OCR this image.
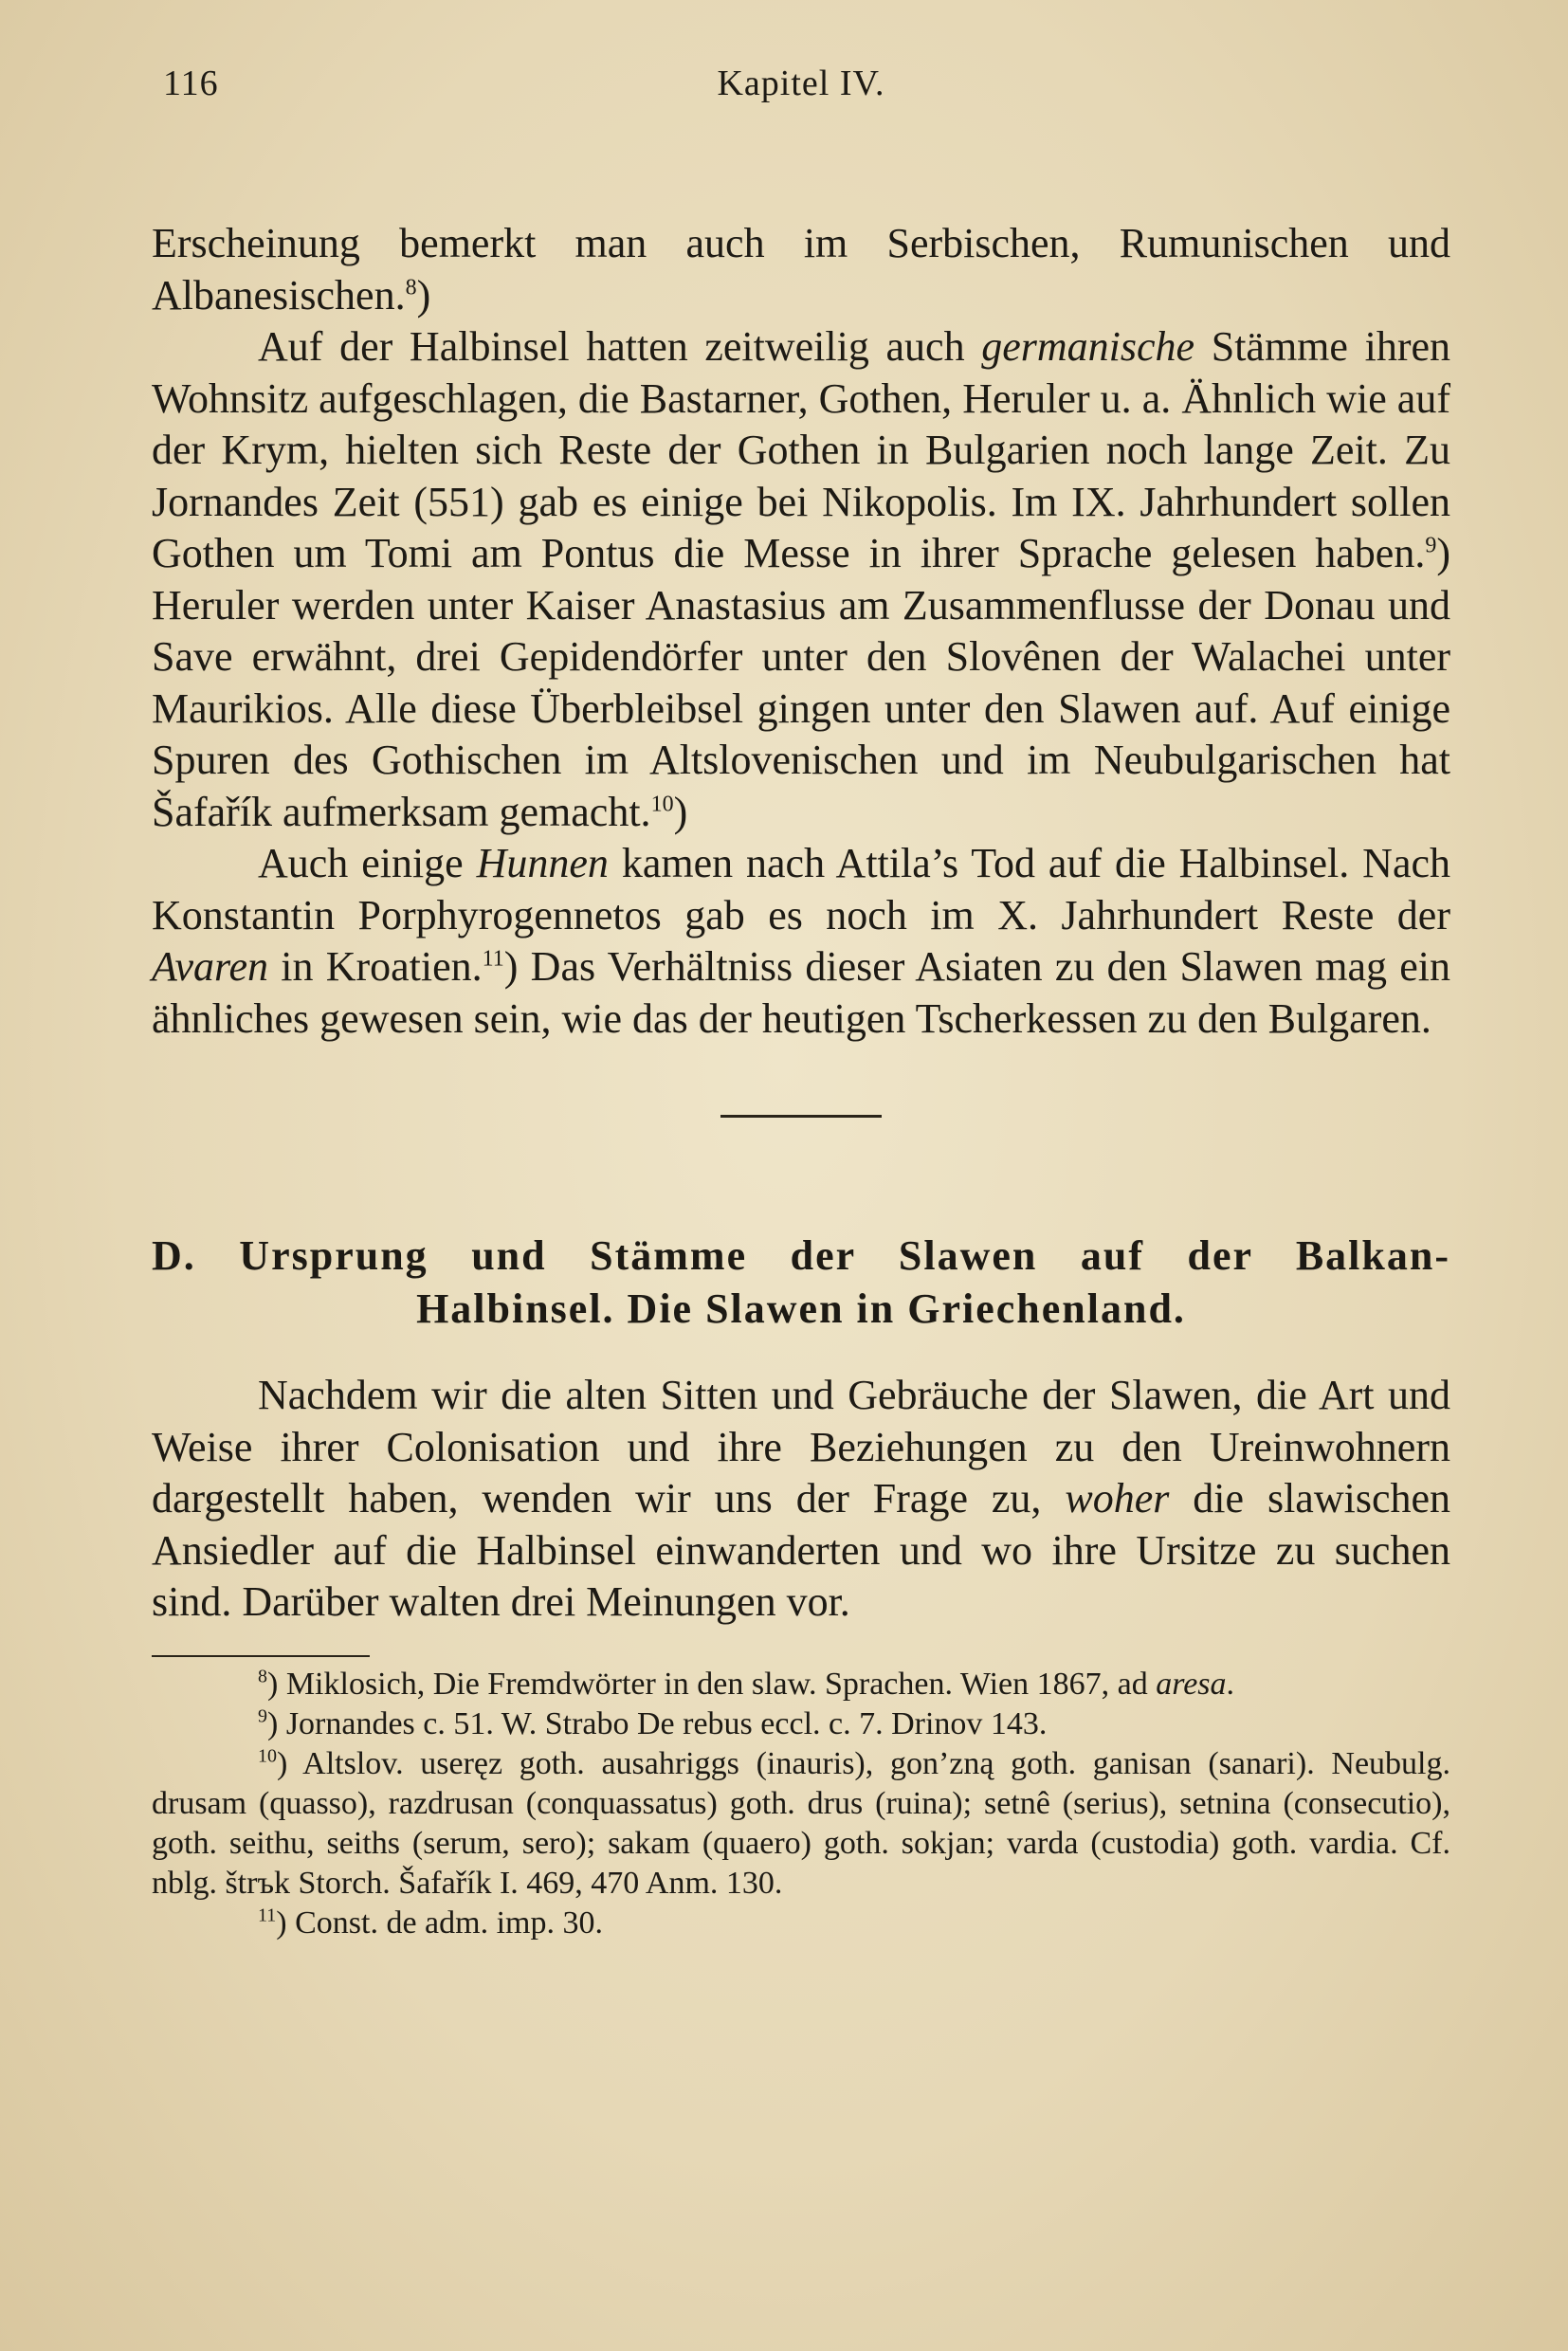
116	Kapitel IV.

Erscheinung bemerkt man auch im Serbischen, Rumunischen und Albanesischen.$^8$)

Auf der Halbinsel hatten zeitweilig auch germanische Stämme ihren Wohnsitz aufgeschlagen, die Bastarner, Gothen, Heruler u. a. Ähnlich wie auf der Krym, hielten sich Reste der Gothen in Bulgarien noch lange Zeit. Zu Jornandes Zeit (551) gab es einige bei Nikopolis. Im IX. Jahrhundert sollen Gothen um Tomi am Pontus die Messe in ihrer Sprache gelesen haben.$^9$) Heruler werden unter Kaiser Anastasius am Zusammenflusse der Donau und Save erwähnt, drei Gepidendörfer unter den Slovênen der Walachei unter Maurikios. Alle diese Überbleibsel gingen unter den Slawen auf. Auf einige Spuren des Gothischen im Altslovenischen und im Neubulgarischen hat Šafařík aufmerksam gemacht.$^{10}$)

Auch einige Hunnen kamen nach Attila’s Tod auf die Halbinsel. Nach Konstantin Porphyrogennetos gab es noch im X. Jahrhundert Reste der Avaren in Kroatien.$^{11}$) Das Verhältniss dieser Asiaten zu den Slawen mag ein ähnliches gewesen sein, wie das der heutigen Tscherkessen zu den Bulgaren.

D. Ursprung und Stämme der Slawen auf der Balkan-
Halbinsel. Die Slawen in Griechenland.

Nachdem wir die alten Sitten und Gebräuche der Slawen, die Art und Weise ihrer Colonisation und ihre Beziehungen zu den Ureinwohnern dargestellt haben, wenden wir uns der Frage zu, woher die slawischen Ansiedler auf die Halbinsel einwanderten und wo ihre Ursitze zu suchen sind. Darüber walten drei Meinungen vor.

$^8$) Miklosich, Die Fremdwörter in den slaw. Sprachen. Wien 1867, ad aresa.

$^9$) Jornandes c. 51. W. Strabo De rebus eccl. c. 7. Drinov 143.

$^{10}$) Altslov. useręz goth. ausahriggs (inauris), gon’zną goth. ganisan (sanari). Neubulg. drusam (quasso), razdrusan (conquassatus) goth. drus (ruina); setnê (serius), setnina (consecutio), goth. seithu, seiths (serum, sero); sakam (quaero) goth. sokjan; varda (custodia) goth. vardia. Cf. nblg. štrъk Storch. Šafařík I. 469, 470 Anm. 130.

$^{11}$) Const. de adm. imp. 30.
